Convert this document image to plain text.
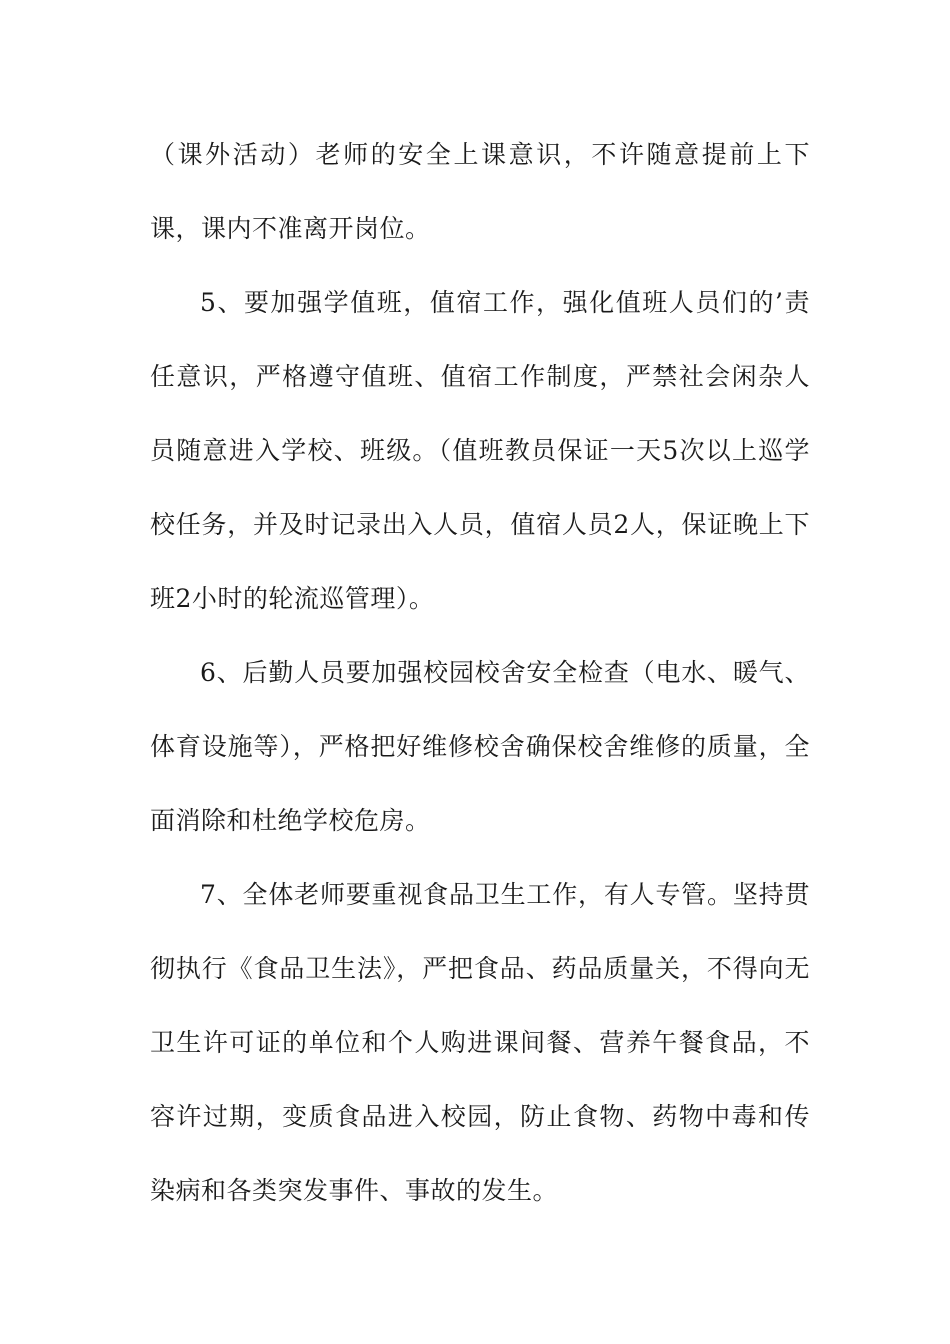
（课外活动）老师的安全上课意识，不许随意提前上下课，课内不准离开岗位。

5、要加强学值班，值宿工作，强化值班人员们的’责任意识，严格遵守值班、值宿工作制度，严禁社会闲杂人员随意进入学校、班级。（值班教员保证一天5次以上巡学校任务，并及时记录出入人员，值宿人员2人，保证晚上下班2小时的轮流巡管理）。

6、后勤人员要加强校园校舍安全检查（电水、暖气、体育设施等），严格把好维修校舍确保校舍维修的质量，全面消除和杜绝学校危房。

7、全体老师要重视食品卫生工作，有人专管。坚持贯彻执行《食品卫生法》，严把食品、药品质量关，不得向无卫生许可证的单位和个人购进课间餐、营养午餐食品，不容许过期，变质食品进入校园，防止食物、药物中毒和传染病和各类突发事件、事故的发生。
